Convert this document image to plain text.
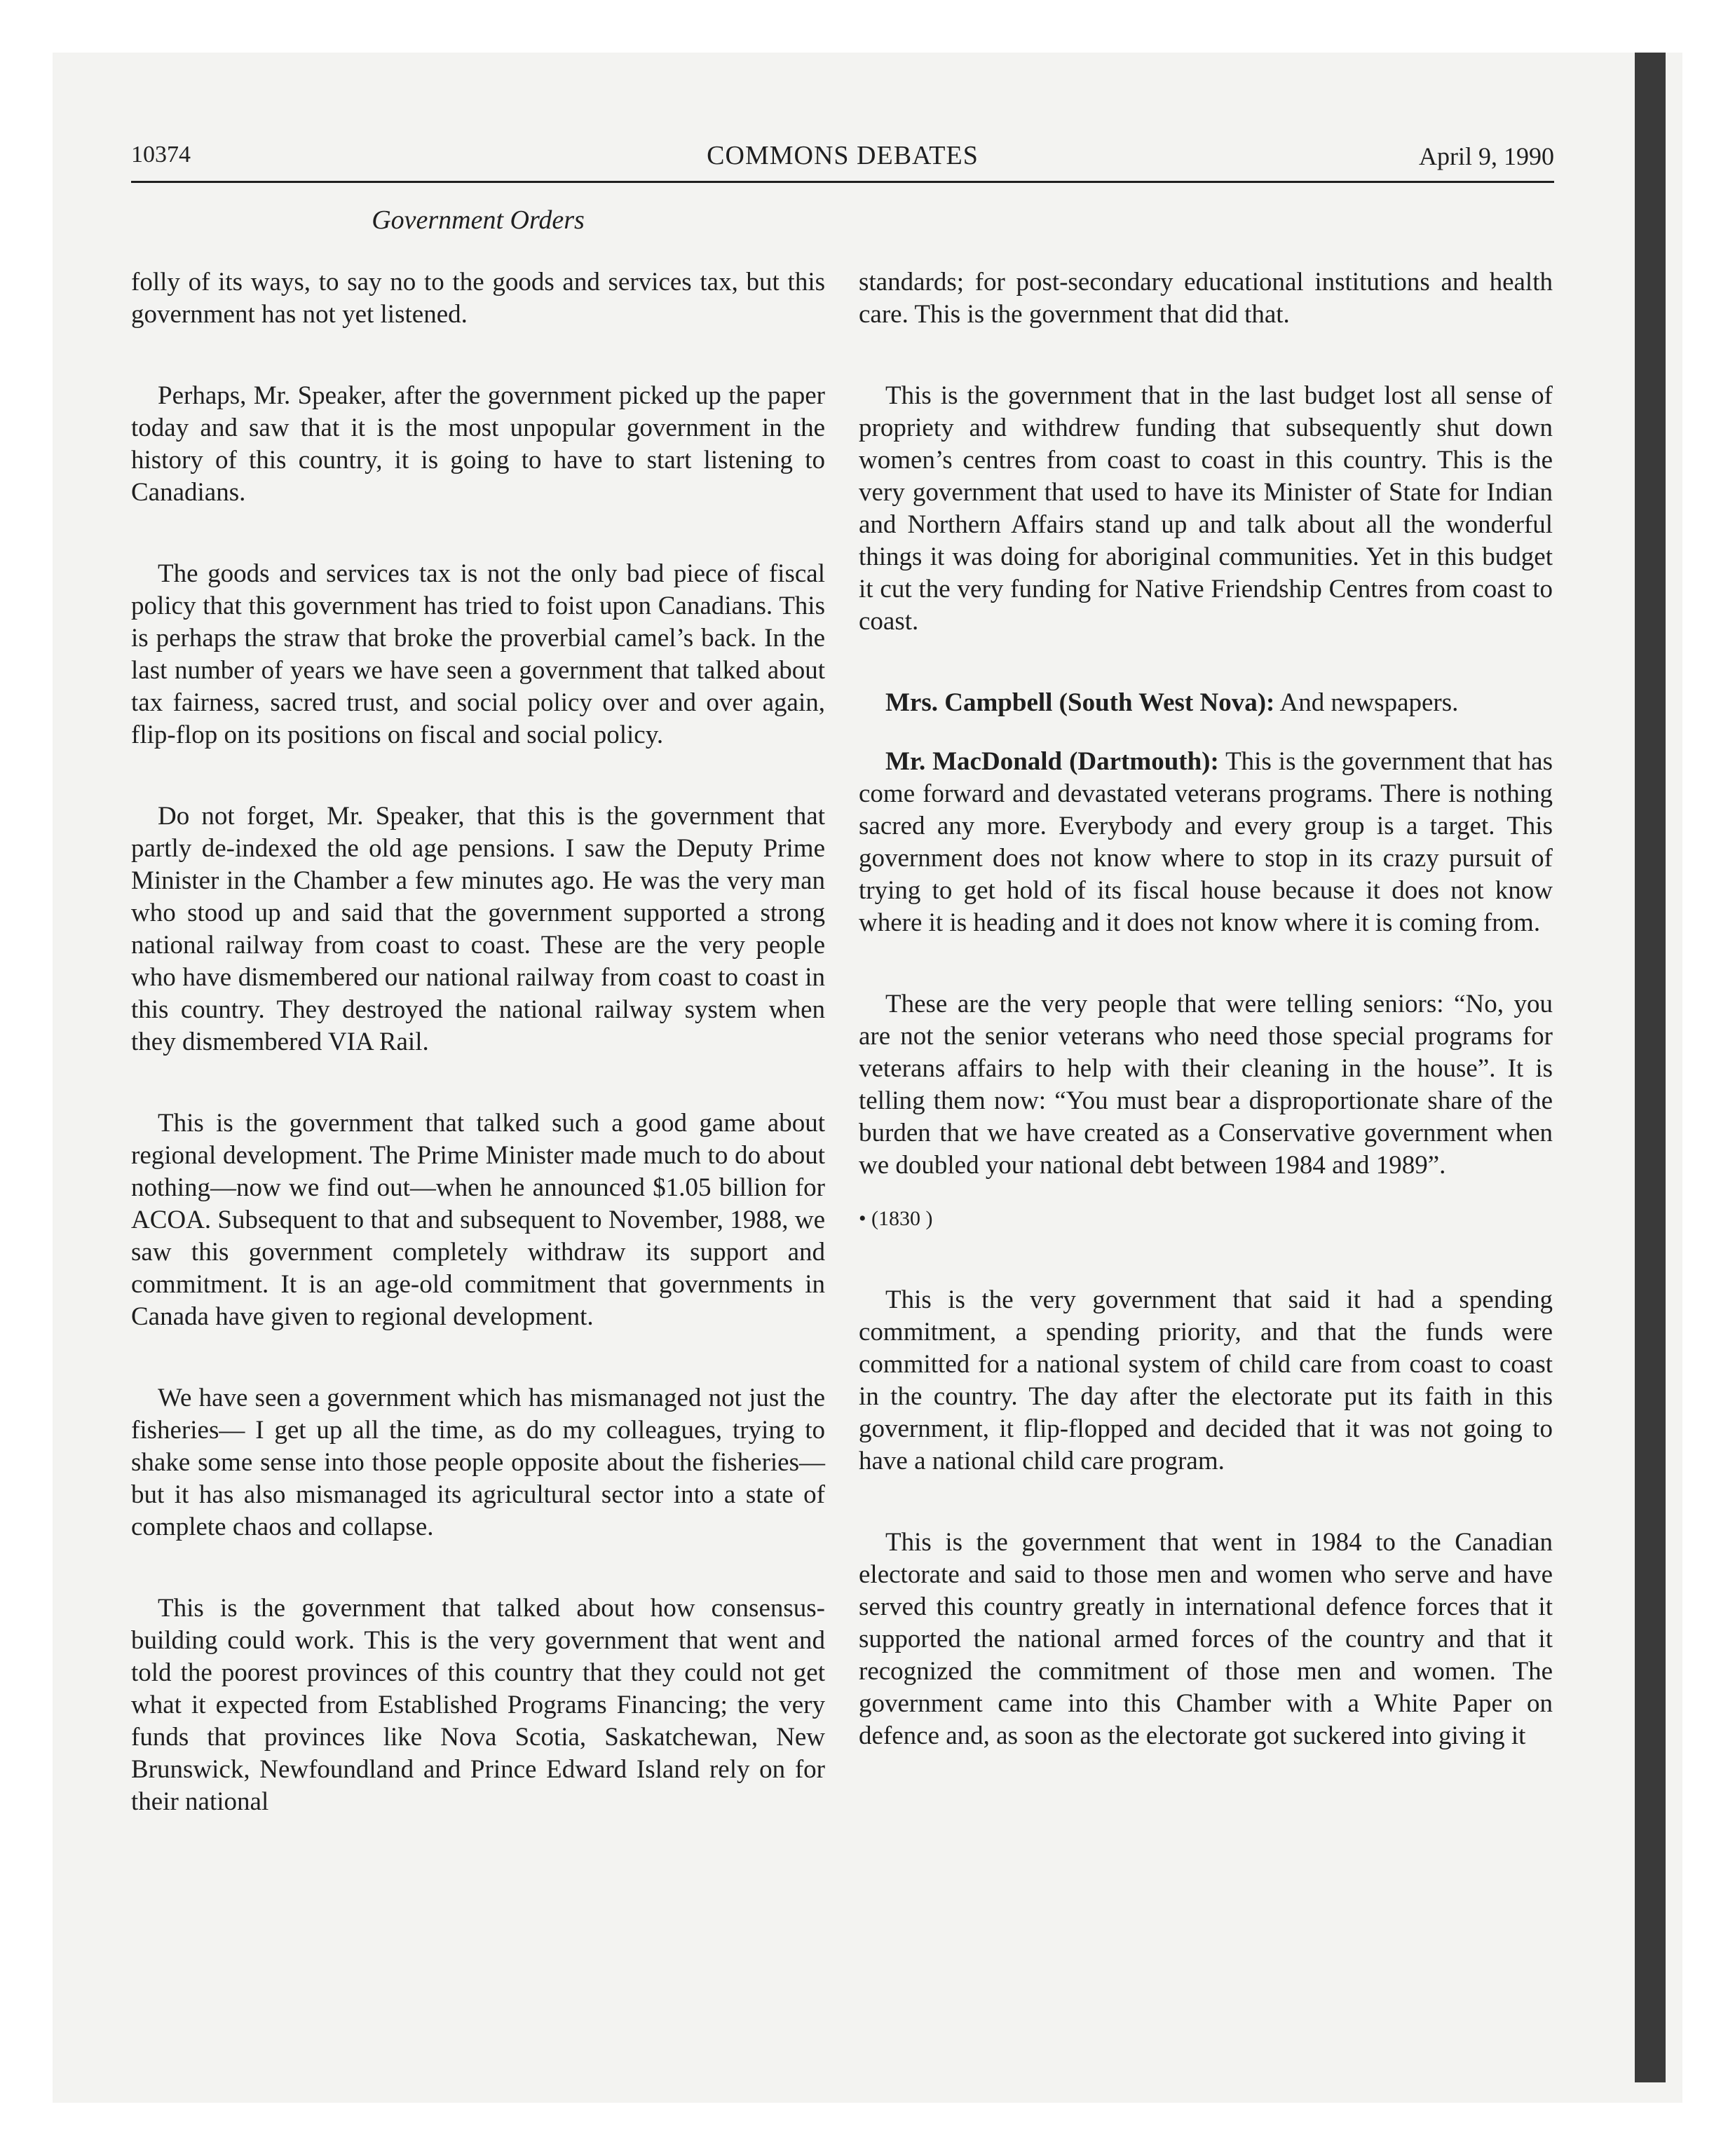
10374	COMMONS DEBATES	April 9, 1990
Government Orders

folly of its ways, to say no to the goods and services tax, but this government has not yet listened.

Perhaps, Mr. Speaker, after the government picked up the paper today and saw that it is the most unpopular government in the history of this country, it is going to have to start listening to Canadians.

The goods and services tax is not the only bad piece of fiscal policy that this government has tried to foist upon Canadians. This is perhaps the straw that broke the proverbial camel’s back. In the last number of years we have seen a government that talked about tax fairness, sacred trust, and social policy over and over again, flip-flop on its positions on fiscal and social policy.

Do not forget, Mr. Speaker, that this is the government that partly de-indexed the old age pensions. I saw the Deputy Prime Minister in the Chamber a few minutes ago. He was the very man who stood up and said that the government supported a strong national railway from coast to coast. These are the very people who have dismembered our national railway from coast to coast in this country. They destroyed the national railway system when they dismembered VIA Rail.

This is the government that talked such a good game about regional development. The Prime Minister made much to do about nothing—now we find out—when he announced $1.05 billion for ACOA. Subsequent to that and subsequent to November, 1988, we saw this government completely withdraw its support and commitment. It is an age-old commitment that governments in Canada have given to regional development.

We have seen a government which has mismanaged not just the fisheries— I get up all the time, as do my colleagues, trying to shake some sense into those people opposite about the fisheries—but it has also mismanaged its agricultural sector into a state of complete chaos and collapse.

This is the government that talked about how consensus-building could work. This is the very government that went and told the poorest provinces of this country that they could not get what it expected from Established Programs Financing; the very funds that provinces like Nova Scotia, Saskatchewan, New Brunswick, Newfoundland and Prince Edward Island rely on for their national

standards; for post-secondary educational institutions and health care. This is the government that did that.

This is the government that in the last budget lost all sense of propriety and withdrew funding that subsequently shut down women’s centres from coast to coast in this country. This is the very government that used to have its Minister of State for Indian and Northern Affairs stand up and talk about all the wonderful things it was doing for aboriginal communities. Yet in this budget it cut the very funding for Native Friendship Centres from coast to coast.

Mrs. Campbell (South West Nova): And newspapers.

Mr. MacDonald (Dartmouth): This is the government that has come forward and devastated veterans programs. There is nothing sacred any more. Everybody and every group is a target. This government does not know where to stop in its crazy pursuit of trying to get hold of its fiscal house because it does not know where it is heading and it does not know where it is coming from.

These are the very people that were telling seniors: “No, you are not the senior veterans who need those special programs for veterans affairs to help with their cleaning in the house”. It is telling them now: “You must bear a disproportionate share of the burden that we have created as a Conservative government when we doubled your national debt between 1984 and 1989”.

• (1830 )

This is the very government that said it had a spending commitment, a spending priority, and that the funds were committed for a national system of child care from coast to coast in the country. The day after the electorate put its faith in this government, it flip-flopped and decided that it was not going to have a national child care program.

This is the government that went in 1984 to the Canadian electorate and said to those men and women who serve and have served this country greatly in international defence forces that it supported the national armed forces of the country and that it recognized the commitment of those men and women. The government came into this Chamber with a White Paper on defence and, as soon as the electorate got suckered into giving it
